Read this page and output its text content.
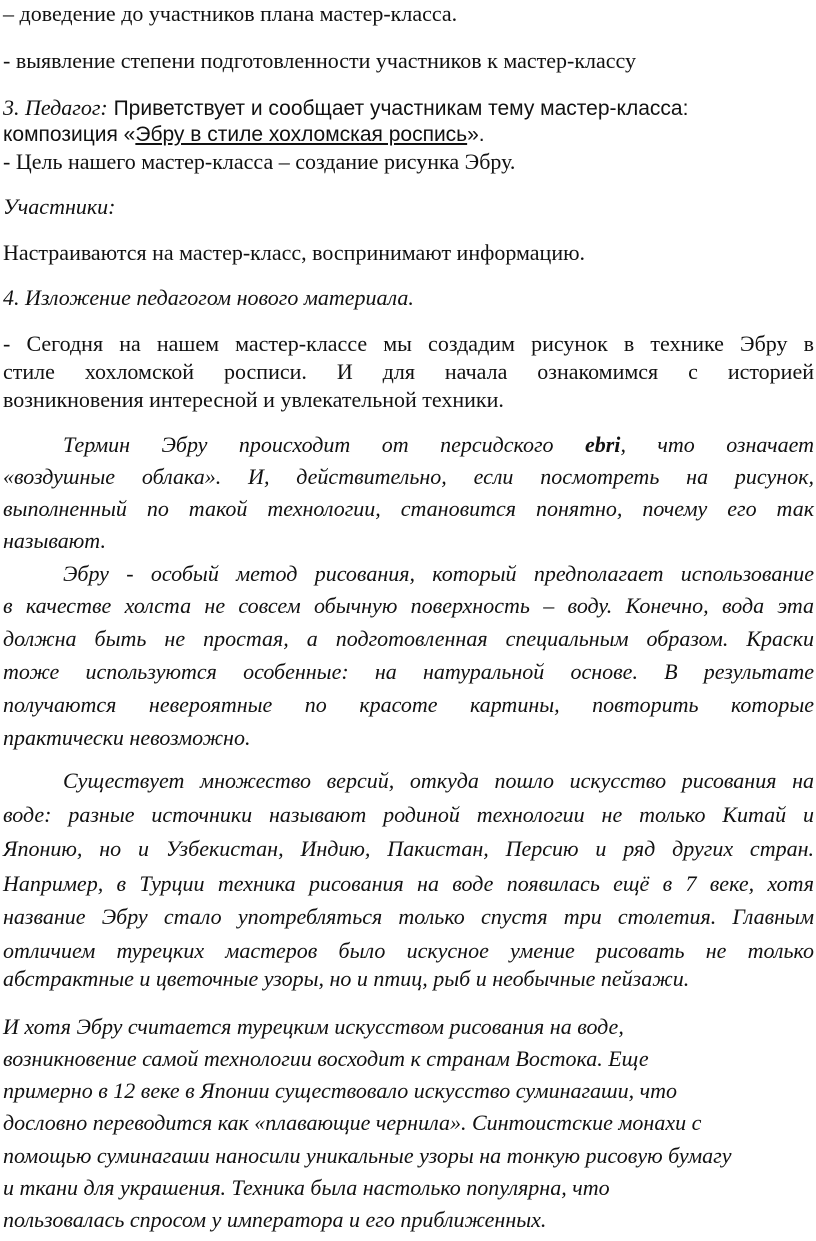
– доведение до участников плана мастер-класса.
- выявление степени подготовленности участников к мастер-классу
3. Педагог: Приветствует и сообщает участникам тему мастер-класса:
композиция «Эбру в стиле хохломская роспись».
- Цель нашего мастер-класса – создание рисунка Эбру.
Участники:
Настраиваются на мастер-класс, воспринимают информацию.
4. Изложение педагогом нового материала.
- Сегодня на нашем мастер-классе мы создадим рисунок в технике Эбру в
стиле хохломской росписи. И для начала ознакомимся с историей
возникновения интересной и увлекательной техники.
Термин Эбру происходит от персидского ebri, что означает
«воздушные облака». И, действительно, если посмотреть на рисунок,
выполненный по такой технологии, становится понятно, почему его так
называют.
Эбру - особый метод рисования, который предполагает использование
в качестве холста не совсем обычную поверхность – воду. Конечно, вода эта
должна быть не простая, а подготовленная специальным образом. Краски
тоже используются особенные: на натуральной основе. В результате
получаются невероятные по красоте картины, повторить которые
практически невозможно.
Существует множество версий, откуда пошло искусство рисования на
воде: разные источники называют родиной технологии не только Китай и
Японию, но и Узбекистан, Индию, Пакистан, Персию и ряд других стран.
Например, в Турции техника рисования на воде появилась ещё в 7 веке, хотя
название Эбру стало употребляться только спустя три столетия. Главным
отличием турецких мастеров было искусное умение рисовать не только
абстрактные и цветочные узоры, но и птиц, рыб и необычные пейзажи.
И хотя Эбру считается турецким искусством рисования на воде,
возникновение самой технологии восходит к странам Востока. Еще
примерно в 12 веке в Японии существовало искусство суминагаши, что
дословно переводится как «плавающие чернила». Синтоистские монахи с
помощью суминагаши наносили уникальные узоры на тонкую рисовую бумагу
и ткани для украшения. Техника была настолько популярна, что
пользовалась спросом у императора и его приближенных.
